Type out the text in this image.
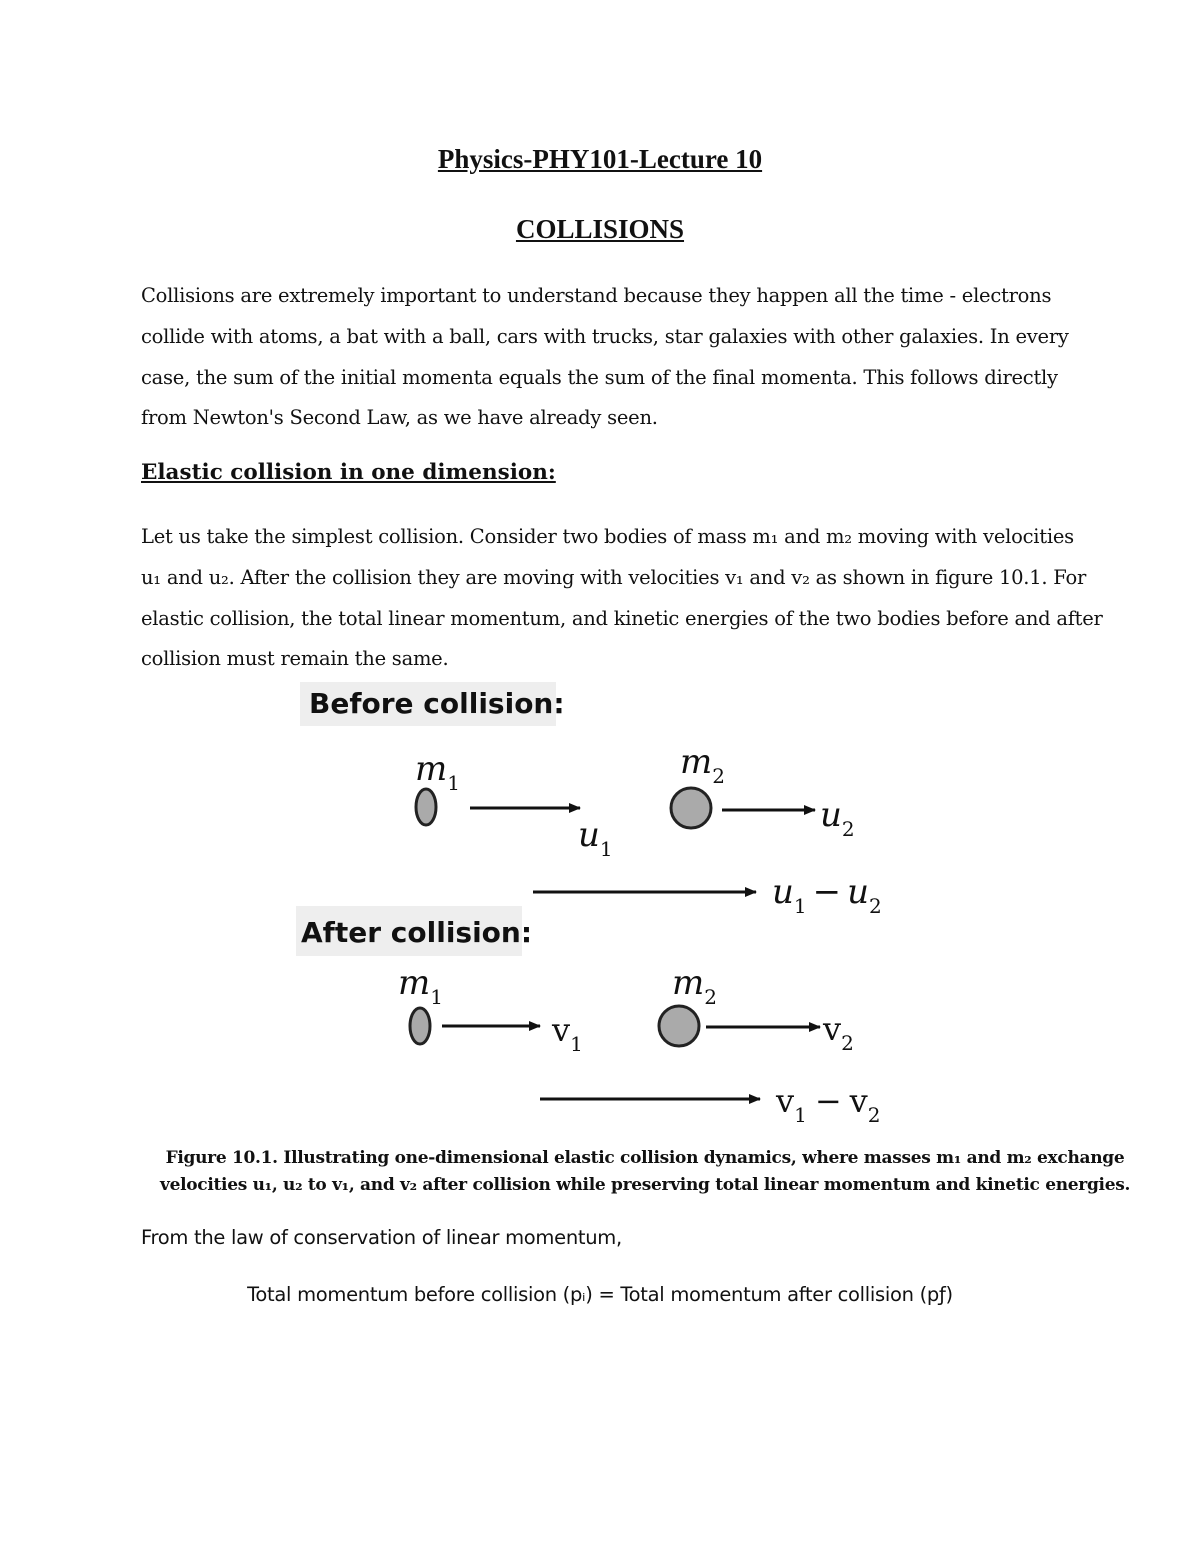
Physics-PHY101-Lecture 10
COLLISIONS
Collisions are extremely important to understand because they happen all the time - electrons
collide with atoms, a bat with a ball, cars with trucks, star galaxies with other galaxies. In every
case, the sum of the initial momenta equals the sum of the final momenta. This follows directly
from Newton's Second Law, as we have already seen.
Elastic collision in one dimension:
Let us take the simplest collision. Consider two bodies of mass m₁ and m₂ moving with velocities
u₁ and u₂. After the collision they are moving with velocities v₁ and v₂ as shown in figure 10.1. For
elastic collision, the total linear momentum, and kinetic energies of the two bodies before and after
collision must remain the same.
Before collision:
$m_1$
$u_1$
$m_2$
$u_2$
$u_1 - u_2$
After collision:
$m_1$
$v_1$
$m_2$
$v_2$
$v_1 - v_2$
Figure 10.1. Illustrating one-dimensional elastic collision dynamics, where masses m₁ and m₂ exchange
velocities u₁, u₂ to v₁, and v₂ after collision while preserving total linear momentum and kinetic energies.
From the law of conservation of linear momentum,
Total momentum before collision (pᵢ) = Total momentum after collision (pƒ)
